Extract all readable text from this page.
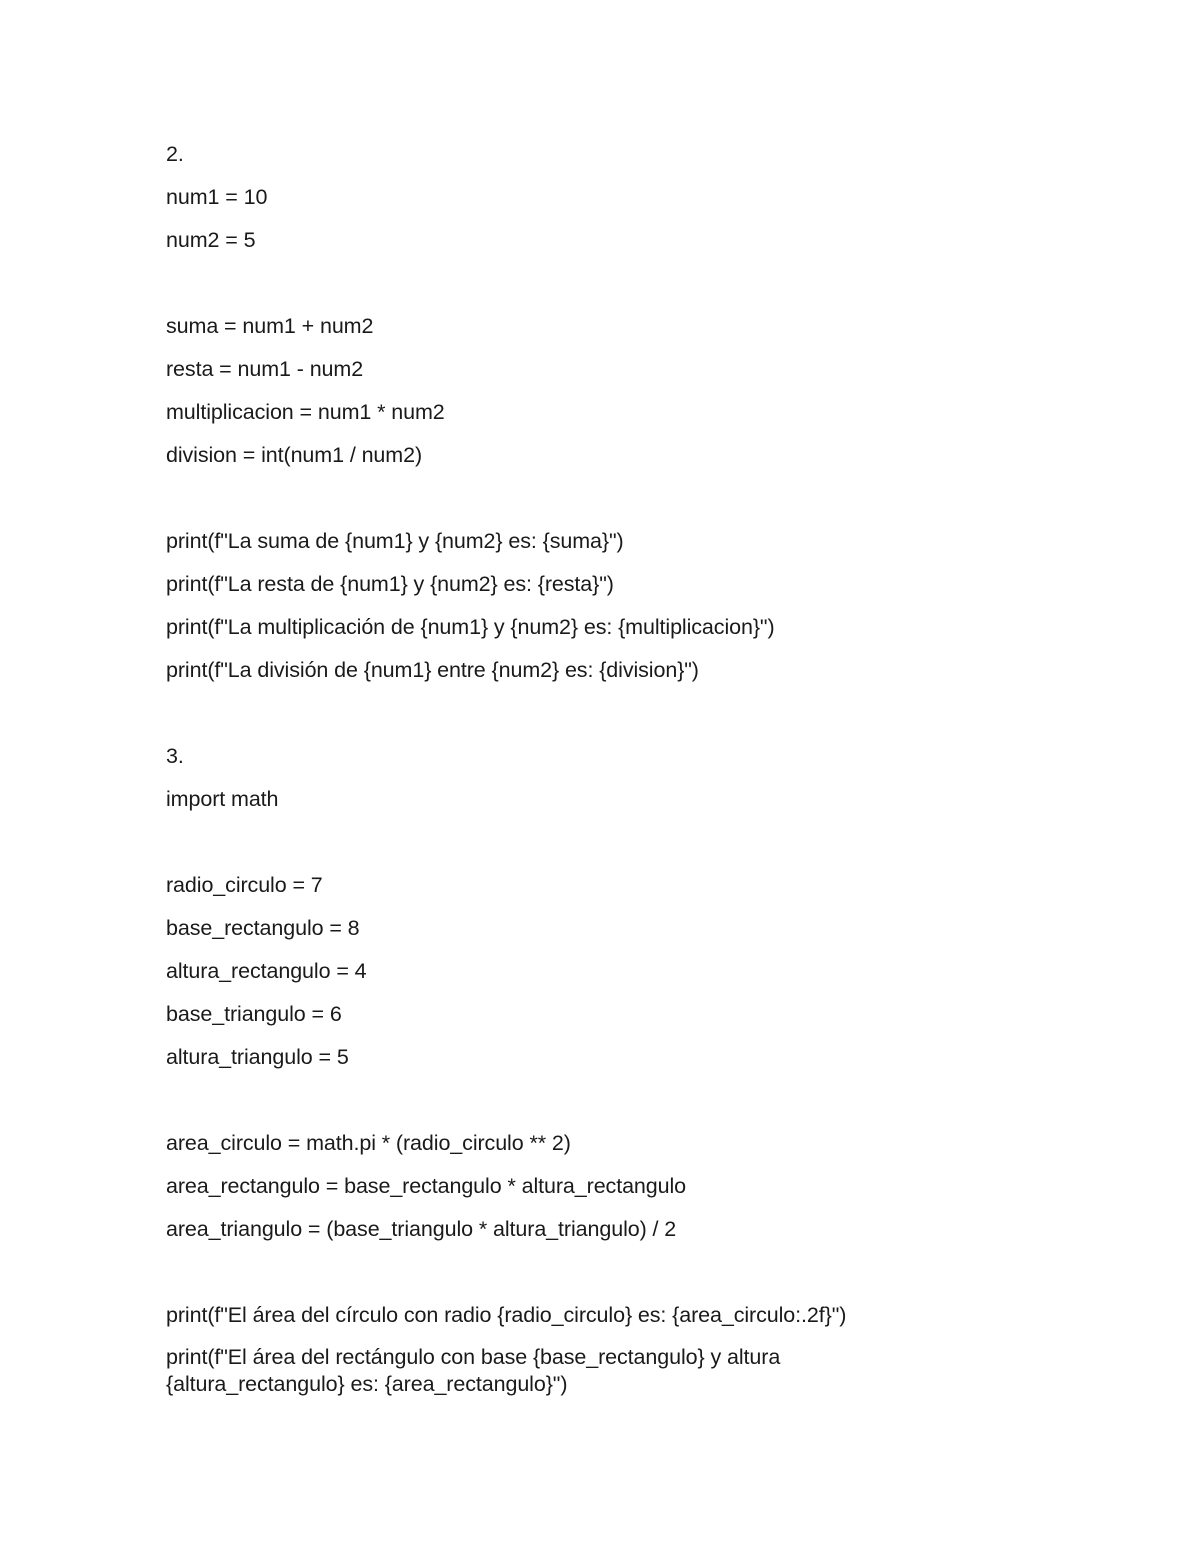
2.
num1 = 10
num2 = 5
suma = num1 + num2
resta = num1 - num2
multiplicacion = num1 * num2
division = int(num1 / num2)
print(f"La suma de {num1} y {num2} es: {suma}")
print(f"La resta de {num1} y {num2} es: {resta}")
print(f"La multiplicación de {num1} y {num2} es: {multiplicacion}")
print(f"La división de {num1} entre {num2} es: {division}")
3.
import math
radio_circulo = 7
base_rectangulo = 8
altura_rectangulo = 4
base_triangulo = 6
altura_triangulo = 5
area_circulo = math.pi * (radio_circulo ** 2)
area_rectangulo = base_rectangulo * altura_rectangulo
area_triangulo = (base_triangulo * altura_triangulo) / 2
print(f"El área del círculo con radio {radio_circulo} es: {area_circulo:.2f}")
print(f"El área del rectángulo con base {base_rectangulo} y altura {altura_rectangulo} es: {area_rectangulo}")
